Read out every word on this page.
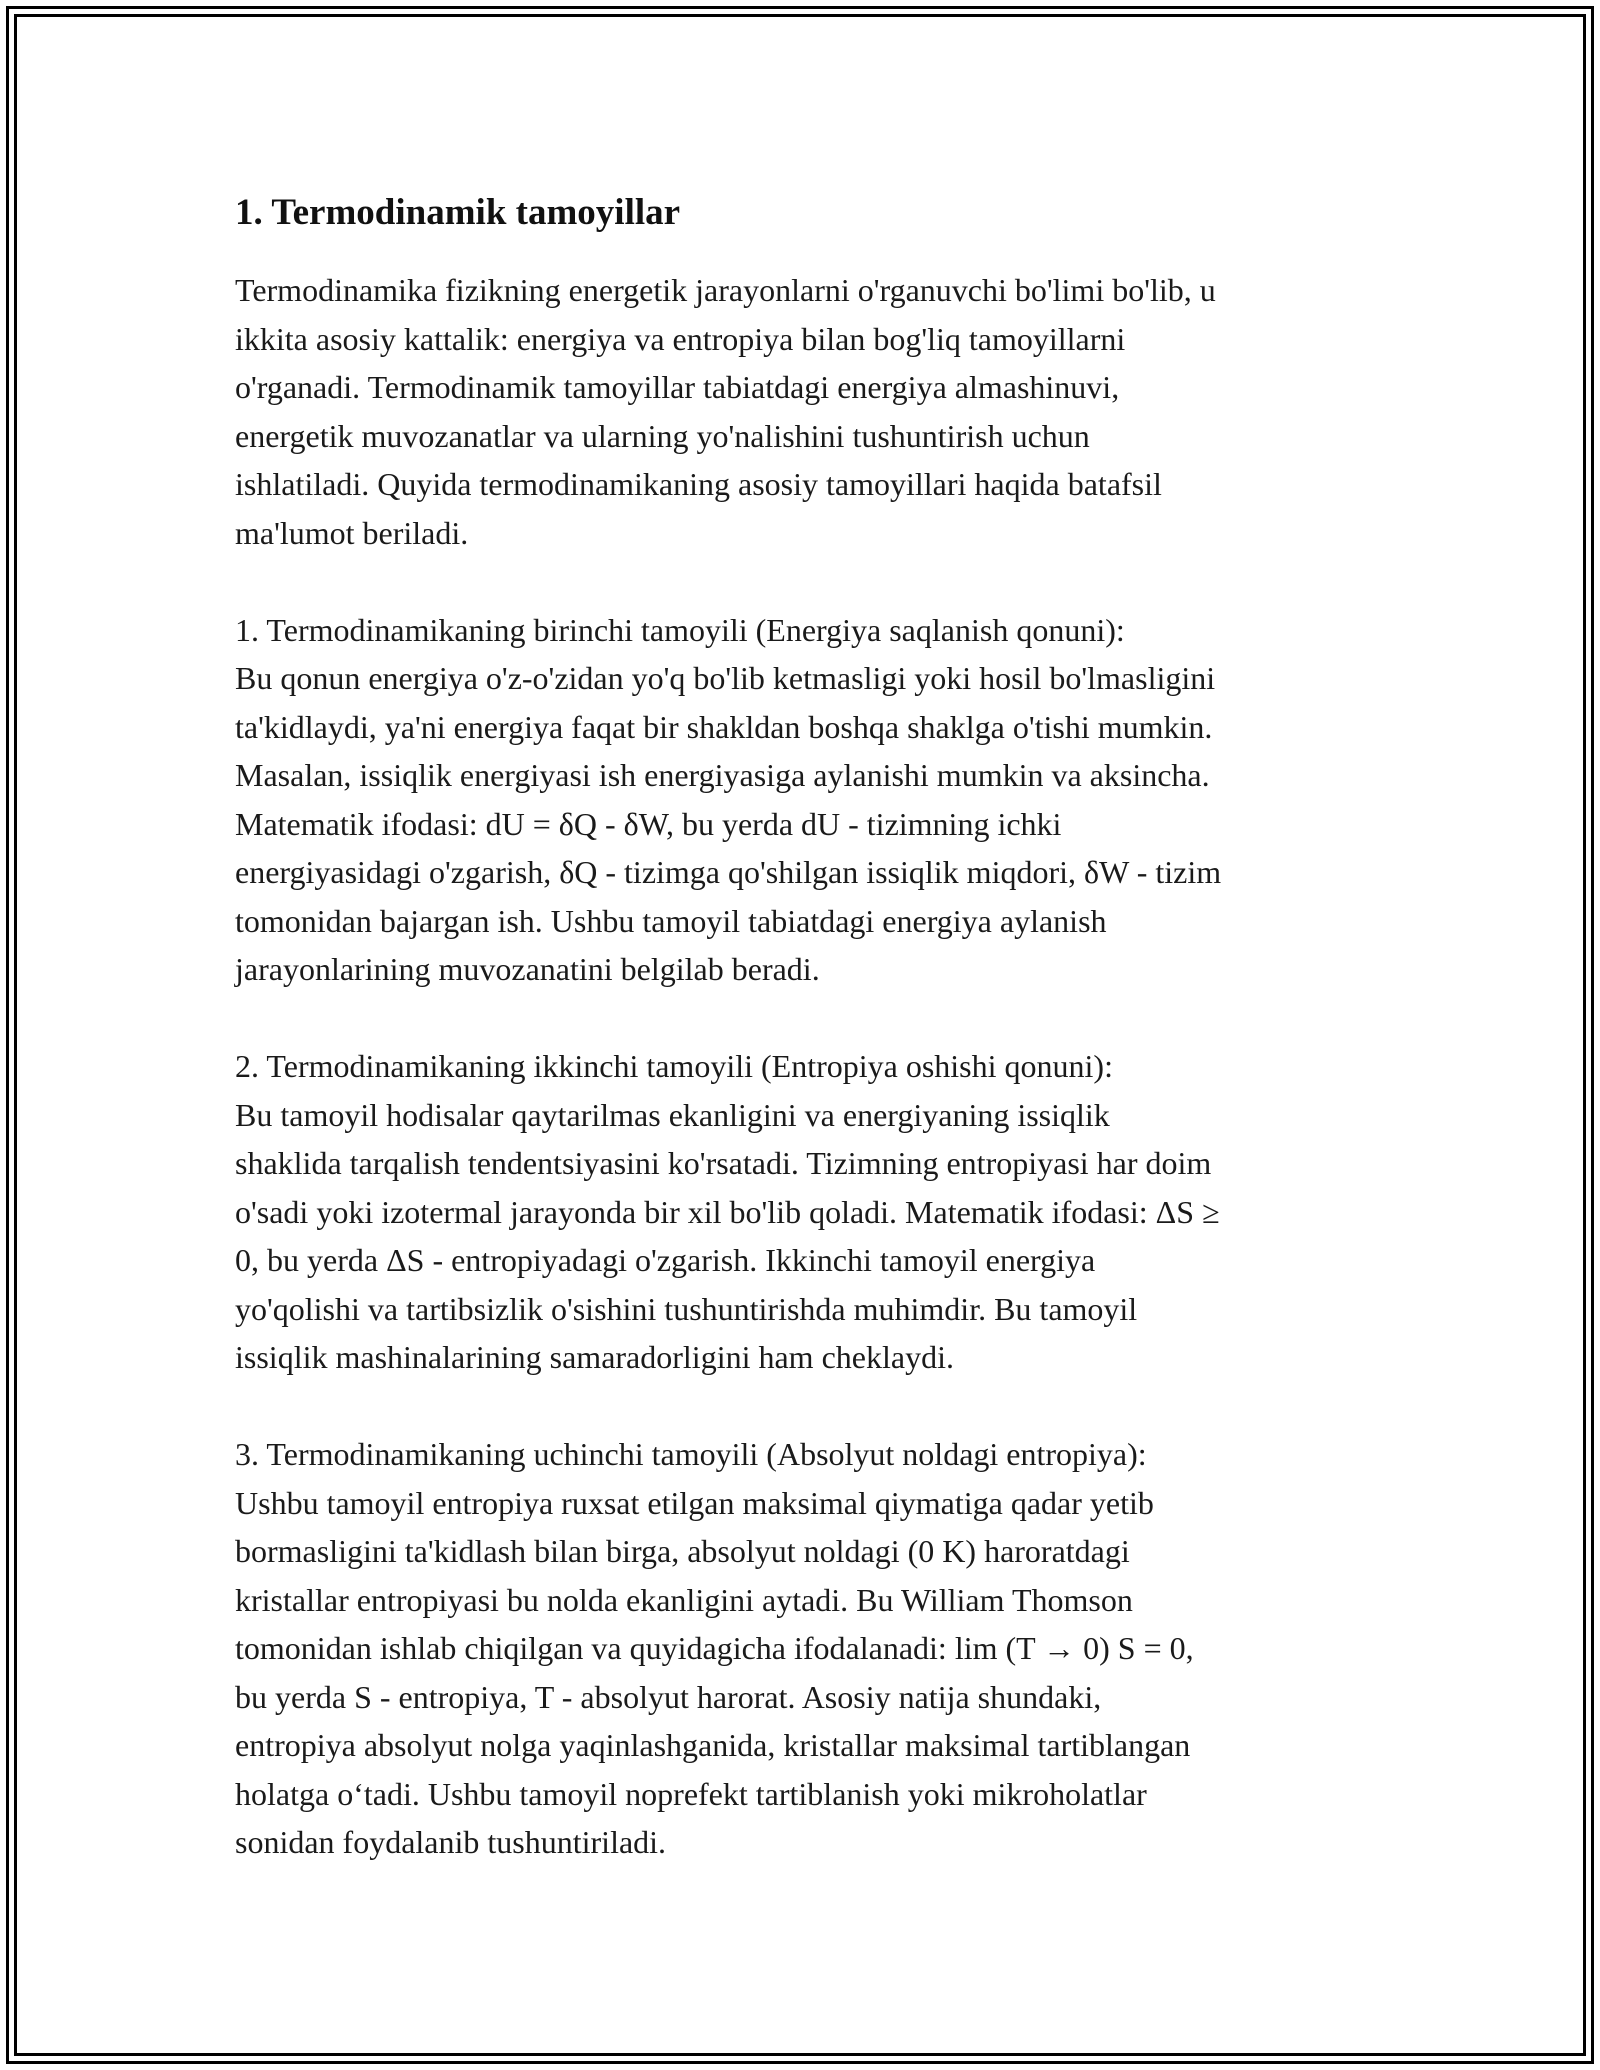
1. Termodinamik tamoyillar

Termodinamika fizikning energetik jarayonlarni o'rganuvchi bo'limi bo'lib, u
ikkita asosiy kattalik: energiya va entropiya bilan bog'liq tamoyillarni
o'rganadi. Termodinamik tamoyillar tabiatdagi energiya almashinuvi,
energetik muvozanatlar va ularning yo'nalishini tushuntirish uchun
ishlatiladi. Quyida termodinamikaning asosiy tamoyillari haqida batafsil
ma'lumot beriladi.

1. Termodinamikaning birinchi tamoyili (Energiya saqlanish qonuni):
Bu qonun energiya o'z-o'zidan yo'q bo'lib ketmasligi yoki hosil bo'lmasligini
ta'kidlaydi, ya'ni energiya faqat bir shakldan boshqa shaklga o'tishi mumkin.
Masalan, issiqlik energiyasi ish energiyasiga aylanishi mumkin va aksincha.
Matematik ifodasi: dU = δQ - δW, bu yerda dU - tizimning ichki
energiyasidagi o'zgarish, δQ - tizimga qo'shilgan issiqlik miqdori, δW - tizim
tomonidan bajargan ish. Ushbu tamoyil tabiatdagi energiya aylanish
jarayonlarining muvozanatini belgilab beradi.

2. Termodinamikaning ikkinchi tamoyili (Entropiya oshishi qonuni):
Bu tamoyil hodisalar qaytarilmas ekanligini va energiyaning issiqlik
shaklida tarqalish tendentsiyasini ko'rsatadi. Tizimning entropiyasi har doim
o'sadi yoki izotermal jarayonda bir xil bo'lib qoladi. Matematik ifodasi: ΔS ≥
0, bu yerda ΔS - entropiyadagi o'zgarish. Ikkinchi tamoyil energiya
yo'qolishi va tartibsizlik o'sishini tushuntirishda muhimdir. Bu tamoyil
issiqlik mashinalarining samaradorligini ham cheklaydi.

3. Termodinamikaning uchinchi tamoyili (Absolyut noldagi entropiya):
Ushbu tamoyil entropiya ruxsat etilgan maksimal qiymatiga qadar yetib
bormasligini ta'kidlash bilan birga, absolyut noldagi (0 K) haroratdagi
kristallar entropiyasi bu nolda ekanligini aytadi. Bu William Thomson
tomonidan ishlab chiqilgan va quyidagicha ifodalanadi: lim (T → 0) S = 0,
bu yerda S - entropiya, T - absolyut harorat. Asosiy natija shundaki,
entropiya absolyut nolga yaqinlashganida, kristallar maksimal tartiblangan
holatga oʻtadi. Ushbu tamoyil noprefekt tartiblanish yoki mikroholatlar
sonidan foydalanib tushuntiriladi.
